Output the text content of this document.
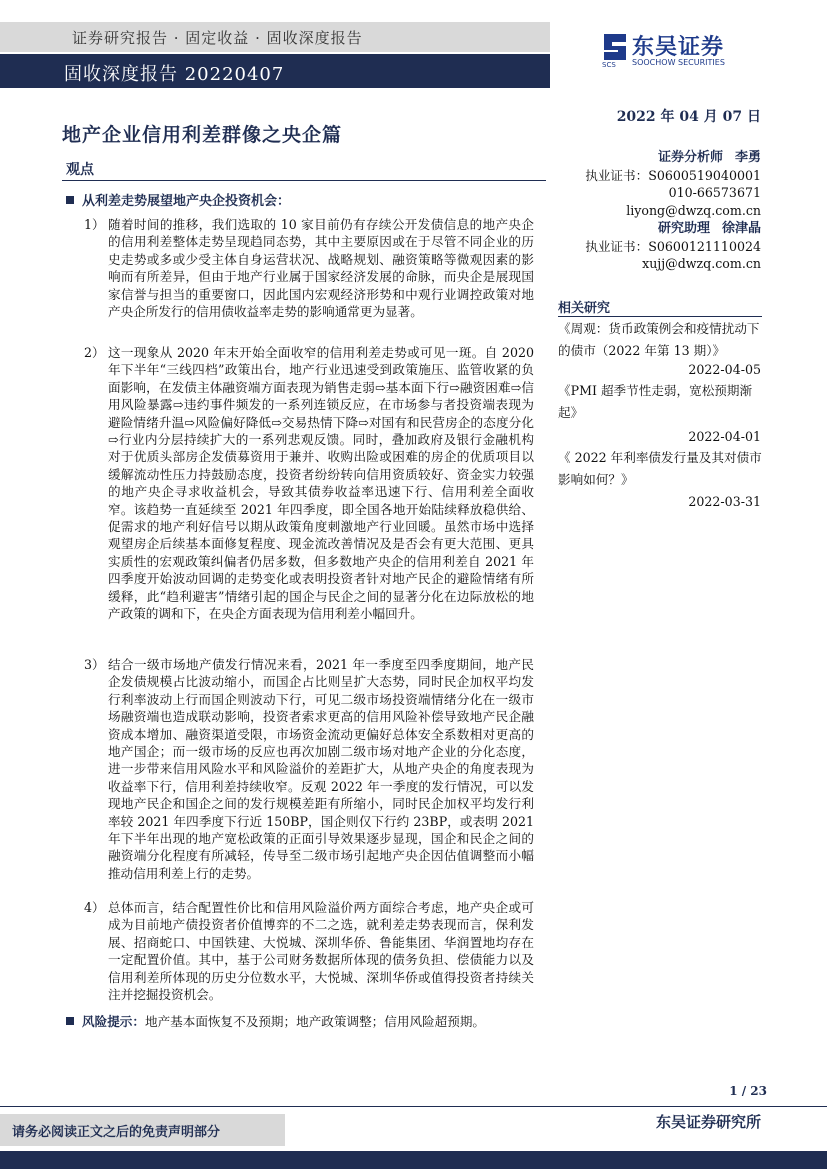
证券研究报告 · 固定收益 · 固收深度报告
固收深度报告 20220407	SCS
东吴证券
SOOCHOW SECURITIES
2022 年 04 月 07 日
地产企业信用利差群像之央企篇
观点
从利差走势展望地产央企投资机会：
1） 随着时间的推移，我们选取的 10 家目前仍有存续公开发债信息的地产央企的信用利差整体走势呈现趋同态势，其中主要原因或在于尽管不同企业的历史走势或多或少受主体自身运营状况、战略规划、融资策略等微观因素的影响而有所差异，但由于地产行业属于国家经济发展的命脉，而央企是展现国家信誉与担当的重要窗口，因此国内宏观经济形势和中观行业调控政策对地产央企所发行的信用债收益率走势的影响通常更为显著。
2） 这一现象从 2020 年末开始全面收窄的信用利差走势或可见一斑。自 2020 年下半年“三线四档”政策出台，地产行业迅速受到政策施压、监管收紧的负面影响，在发债主体融资端方面表现为销售走弱⇨基本面下行⇨融资困难⇨信用风险暴露⇨违约事件频发的一系列连锁反应，在市场参与者投资端表现为避险情绪升温⇨风险偏好降低⇨交易热情下降⇨对国有和民营房企的态度分化⇨行业内分层持续扩大的一系列悲观反馈。同时，叠加政府及银行金融机构对于优质头部房企发债募资用于兼并、收购出险或困难的房企的优质项目以缓解流动性压力持鼓励态度，投资者纷纷转向信用资质较好、资金实力较强的地产央企寻求收益机会，导致其债券收益率迅速下行、信用利差全面收窄。该趋势一直延续至 2021 年四季度，即全国各地开始陆续释放稳供给、促需求的地产利好信号以期从政策角度刺激地产行业回暖。虽然市场中选择观望房企后续基本面修复程度、现金流改善情况及是否会有更大范围、更具实质性的宏观政策纠偏者仍居多数，但多数地产央企的信用利差自 2021 年四季度开始波动回调的走势变化或表明投资者针对地产民企的避险情绪有所缓释，此“趋利避害”情绪引起的国企与民企之间的显著分化在边际放松的地产政策的调和下，在央企方面表现为信用利差小幅回升。
3） 结合一级市场地产债发行情况来看，2021 年一季度至四季度期间，地产民企发债规模占比波动缩小，而国企占比则呈扩大态势，同时民企加权平均发行利率波动上行而国企则波动下行，可见二级市场投资端情绪分化在一级市场融资端也造成联动影响，投资者索求更高的信用风险补偿导致地产民企融资成本增加、融资渠道受限，市场资金流动更偏好总体安全系数相对更高的地产国企；而一级市场的反应也再次加剧二级市场对地产企业的分化态度，进一步带来信用风险水平和风险溢价的差距扩大，从地产央企的角度表现为收益率下行，信用利差持续收窄。反观 2022 年一季度的发行情况，可以发现地产民企和国企之间的发行规模差距有所缩小，同时民企加权平均发行利率较 2021 年四季度下行近 150BP，国企则仅下行约 23BP，或表明 2021 年下半年出现的地产宽松政策的正面引导效果逐步显现，国企和民企之间的融资端分化程度有所减轻，传导至二级市场引起地产央企因估值调整而小幅推动信用利差上行的走势。
4） 总体而言，结合配置性价比和信用风险溢价两方面综合考虑，地产央企或可成为目前地产债投资者价值博弈的不二之选，就利差走势表现而言，保利发展、招商蛇口、中国铁建、大悦城、深圳华侨、鲁能集团、华润置地均存在一定配置价值。其中，基于公司财务数据所体现的债务负担、偿债能力以及信用利差所体现的历史分位数水平，大悦城、深圳华侨或值得投资者持续关注并挖掘投资机会。
风险提示：地产基本面恢复不及预期；地产政策调整；信用风险超预期。
证券分析师 李勇
执业证书：S0600519040001
010-66573671
liyong@dwzq.com.cn
研究助理 徐津晶
执业证书：S0600121110024
xujj@dwzq.com.cn
相关研究
《周观：货币政策例会和疫情扰动下的债市（2022 年第 13 期）》
2022-04-05
《PMI 超季节性走弱，宽松预期渐起》
2022-04-01
《 2022 年利率债发行量及其对债市影响如何？》
2022-03-31
1 / 23
请务必阅读正文之后的免责声明部分
东吴证券研究所
